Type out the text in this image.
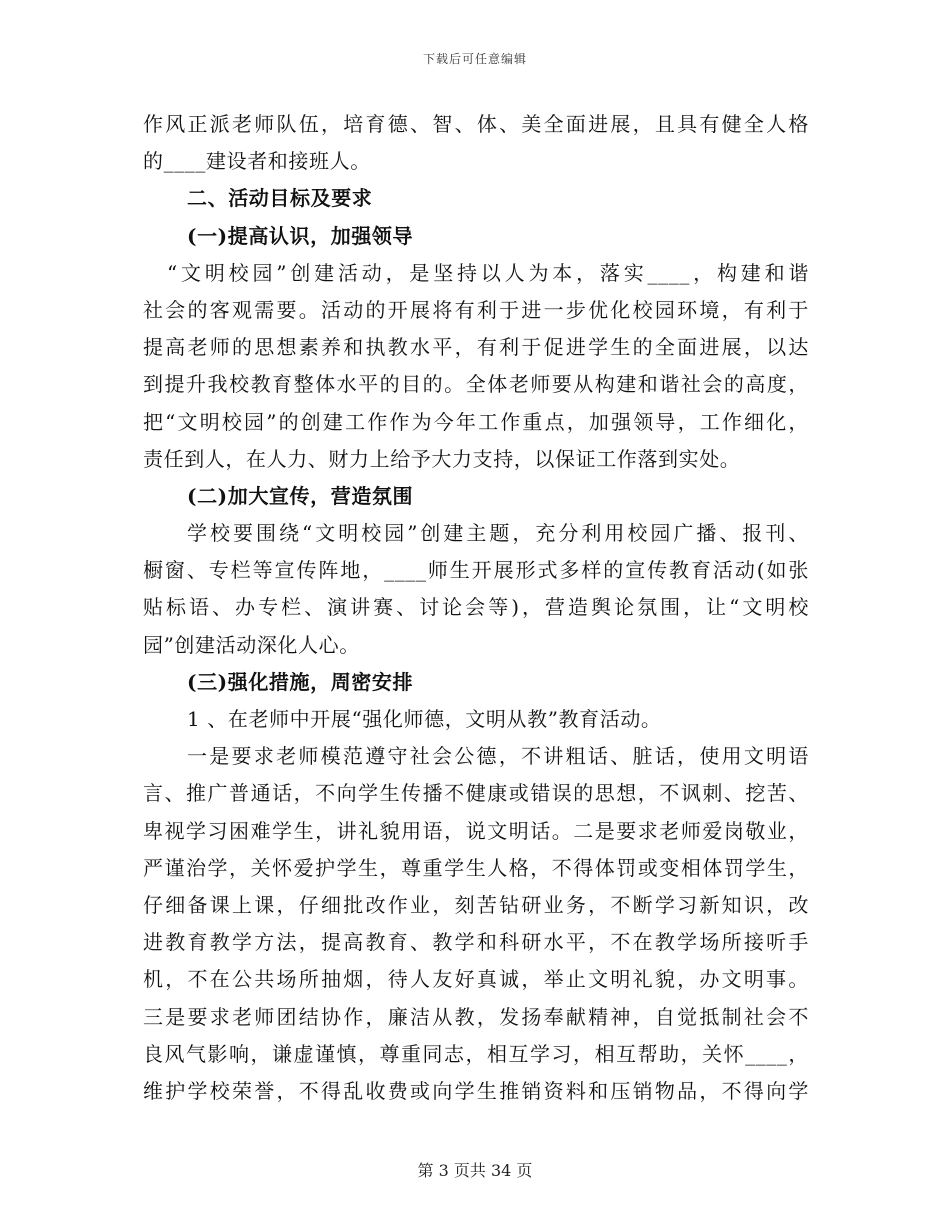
下载后可任意编辑
作风正派老师队伍，培育德、智、体、美全面进展，且具有健全人格
的____建设者和接班人。
二、活动目标及要求
(一)提高认识，加强领导
“文明校园”创建活动，是坚持以人为本，落实____，构建和谐
社会的客观需要。活动的开展将有利于进一步优化校园环境，有利于
提高老师的思想素养和执教水平，有利于促进学生的全面进展，以达
到提升我校教育整体水平的目的。全体老师要从构建和谐社会的高度，
把“文明校园”的创建工作作为今年工作重点，加强领导，工作细化，
责任到人，在人力、财力上给予大力支持，以保证工作落到实处。
(二)加大宣传，营造氛围
学校要围绕“文明校园”创建主题，充分利用校园广播、报刊、
橱窗、专栏等宣传阵地，____师生开展形式多样的宣传教育活动(如张
贴标语、办专栏、演讲赛、讨论会等)，营造舆论氛围，让“文明校
园”创建活动深化人心。
(三)强化措施，周密安排
1 、在老师中开展“强化师德，文明从教”教育活动。
一是要求老师模范遵守社会公德，不讲粗话、脏话，使用文明语
言、推广普通话，不向学生传播不健康或错误的思想，不讽刺、挖苦、
卑视学习困难学生，讲礼貌用语，说文明话。二是要求老师爱岗敬业，
严谨治学，关怀爱护学生，尊重学生人格，不得体罚或变相体罚学生，
仔细备课上课，仔细批改作业，刻苦钻研业务，不断学习新知识，改
进教育教学方法，提高教育、教学和科研水平，不在教学场所接听手
机，不在公共场所抽烟，待人友好真诚，举止文明礼貌，办文明事。
三是要求老师团结协作，廉洁从教，发扬奉献精神，自觉抵制社会不
良风气影响，谦虚谨慎，尊重同志，相互学习，相互帮助，关怀____，
维护学校荣誉，不得乱收费或向学生推销资料和压销物品，不得向学
第 3 页共 34 页
